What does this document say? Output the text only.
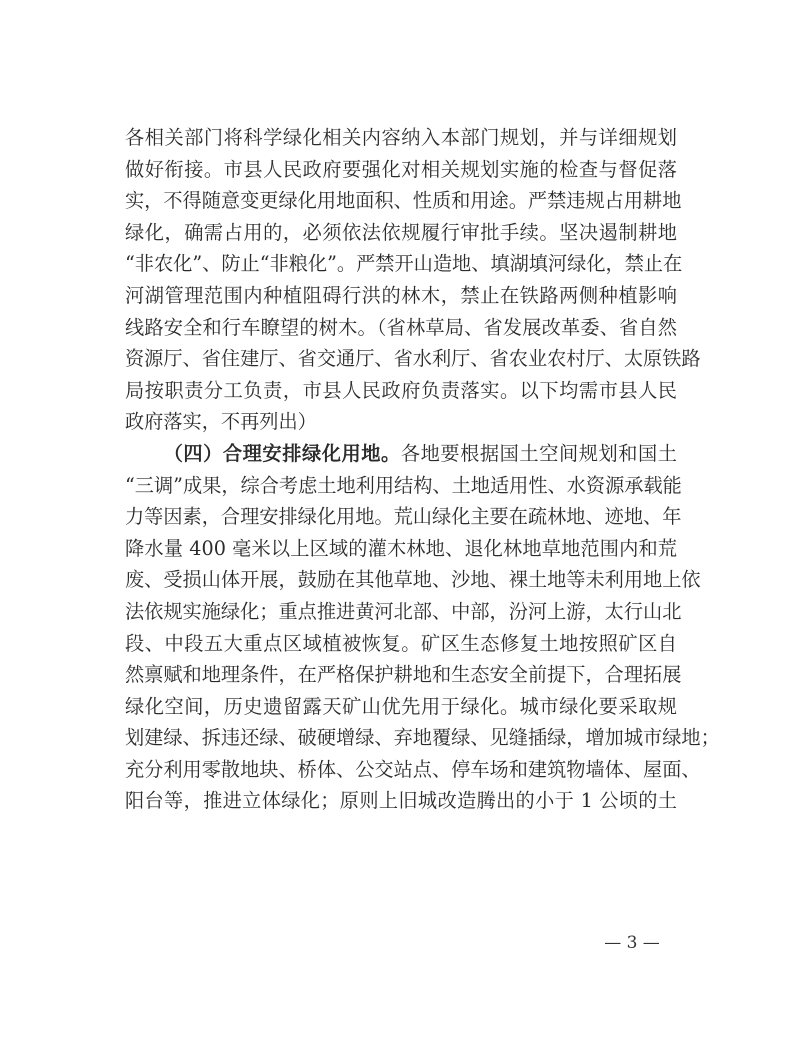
各相关部门将科学绿化相关内容纳入本部门规划，并与详细规划
做好衔接。市县人民政府要强化对相关规划实施的检查与督促落
实，不得随意变更绿化用地面积、性质和用途。严禁违规占用耕地
绿化，确需占用的，必须依法依规履行审批手续。坚决遏制耕地
“非农化”、防止“非粮化”。严禁开山造地、填湖填河绿化，禁止在
河湖管理范围内种植阻碍行洪的林木，禁止在铁路两侧种植影响
线路安全和行车瞭望的树木。（省林草局、省发展改革委、省自然
资源厅、省住建厅、省交通厅、省水利厅、省农业农村厅、太原铁路
局按职责分工负责，市县人民政府负责落实。以下均需市县人民
政府落实，不再列出）
（四）合理安排绿化用地。各地要根据国土空间规划和国土
“三调”成果，综合考虑土地利用结构、土地适用性、水资源承载能
力等因素，合理安排绿化用地。荒山绿化主要在疏林地、迹地、年
降水量 400 毫米以上区域的灌木林地、退化林地草地范围内和荒
废、受损山体开展，鼓励在其他草地、沙地、裸土地等未利用地上依
法依规实施绿化；重点推进黄河北部、中部，汾河上游，太行山北
段、中段五大重点区域植被恢复。矿区生态修复土地按照矿区自
然禀赋和地理条件，在严格保护耕地和生态安全前提下，合理拓展
绿化空间，历史遗留露天矿山优先用于绿化。城市绿化要采取规
划建绿、拆违还绿、破硬增绿、弃地覆绿、见缝插绿，增加城市绿地；
充分利用零散地块、桥体、公交站点、停车场和建筑物墙体、屋面、
阳台等，推进立体绿化；原则上旧城改造腾出的小于 1 公顷的土
— 3 —
